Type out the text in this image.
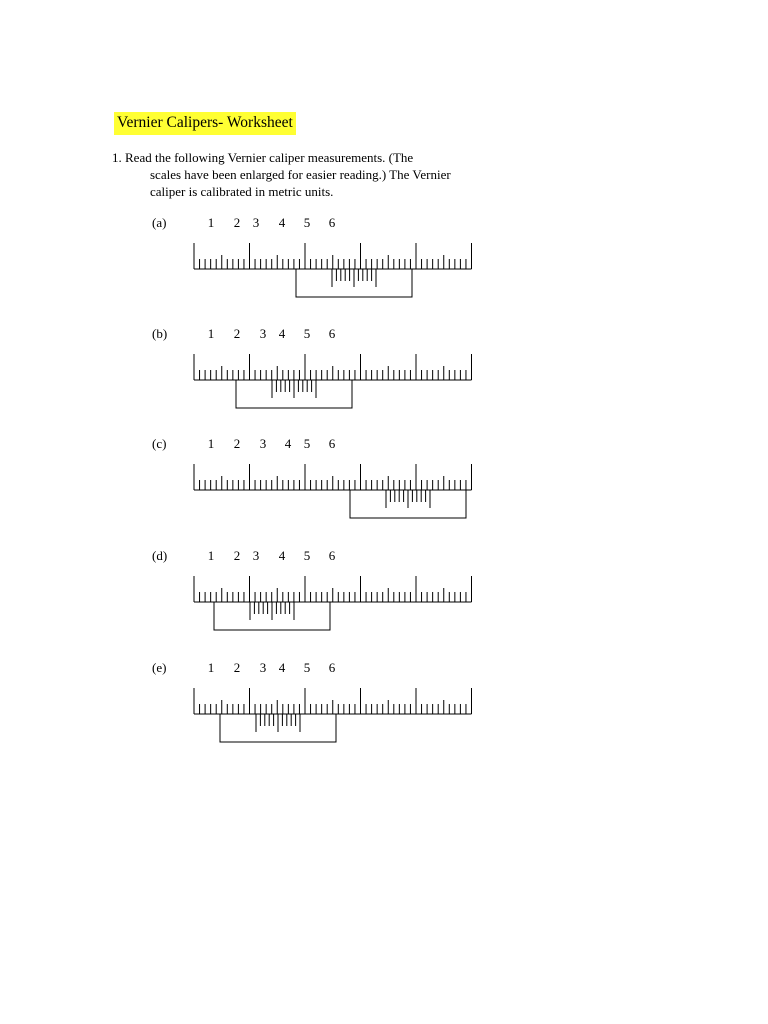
Vernier Calipers- Worksheet
1. Read the following Vernier caliper measurements. (The
scales have been enlarged for easier reading.) The Vernier
caliper is calibrated in metric units.
(a)	1 2 3 4 5 6
(b)	1 2 3 4 5 6
(c)	1 2 3 4 5 6
(d)	1 2 3 4 5 6
(e)	1 2 3 4 5 6
